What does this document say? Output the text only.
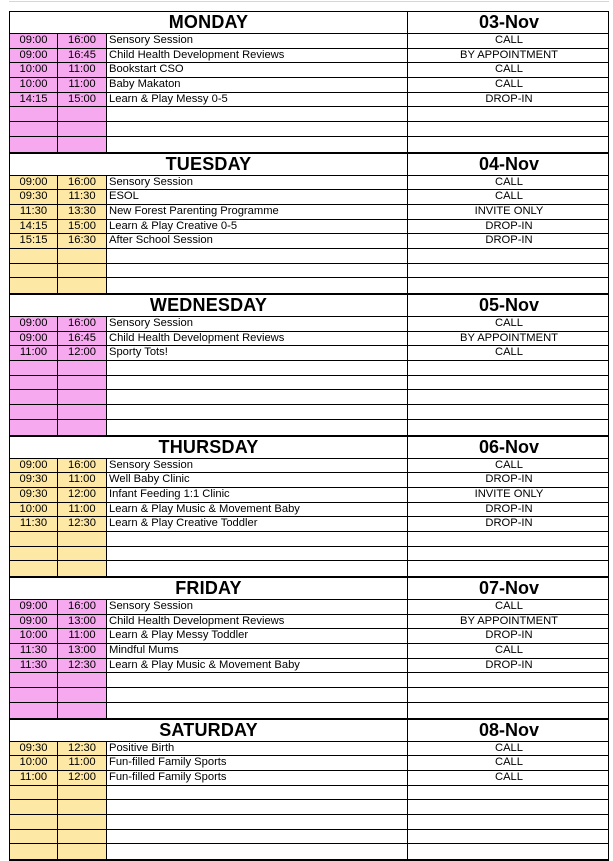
MONDAY	03-Nov
09:00	16:00	Sensory Session	CALL
09:00	16:45	Child Health Development Reviews	BY APPOINTMENT
10:00	11:00	Bookstart CSO	CALL
10:00	11:00	Baby Makaton	CALL
14:15	15:00	Learn & Play Messy 0-5	DROP-IN
TUESDAY	04-Nov
09:00	16:00	Sensory Session	CALL
09:30	11:30	ESOL	CALL
11:30	13:30	New Forest Parenting Programme	INVITE ONLY
14:15	15:00	Learn & Play Creative 0-5	DROP-IN
15:15	16:30	After School Session	DROP-IN
WEDNESDAY	05-Nov
09:00	16:00	Sensory Session	CALL
09:00	16:45	Child Health Development Reviews	BY APPOINTMENT
11:00	12:00	Sporty Tots!	CALL
THURSDAY	06-Nov
09:00	16:00	Sensory Session	CALL
09:30	11:00	Well Baby Clinic	DROP-IN
09:30	12:00	Infant Feeding 1:1 Clinic	INVITE ONLY
10:00	11:00	Learn & Play Music & Movement Baby	DROP-IN
11:30	12:30	Learn & Play Creative Toddler	DROP-IN
FRIDAY	07-Nov
09:00	16:00	Sensory Session	CALL
09:00	13:00	Child Health Development Reviews	BY APPOINTMENT
10:00	11:00	Learn & Play Messy Toddler	DROP-IN
11:30	13:00	Mindful Mums	CALL
11:30	12:30	Learn & Play Music & Movement Baby	DROP-IN
SATURDAY	08-Nov
09:30	12:30	Positive Birth	CALL
10:00	11:00	Fun-filled Family Sports	CALL
11:00	12:00	Fun-filled Family Sports	CALL
